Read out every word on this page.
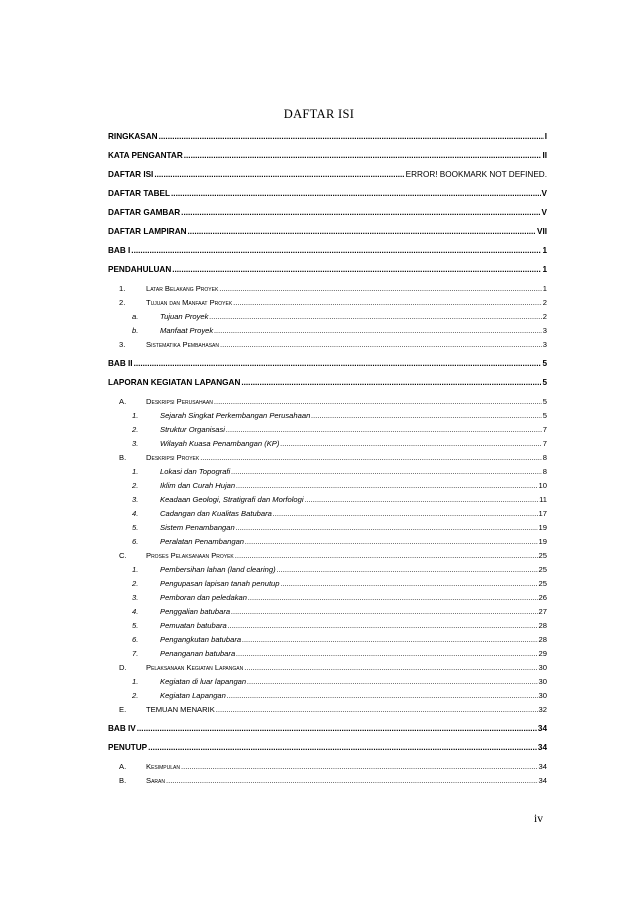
DAFTAR ISI
RINGKASAN .....	I
KATA PENGANTAR .....	II
DAFTAR ISI .....	ERROR! BOOKMARK NOT DEFINED.
DAFTAR TABEL .....	V
DAFTAR GAMBAR .....	V
DAFTAR LAMPIRAN .....	VII
BAB I .....	1
PENDAHULUAN .....	1
1.	Latar Belakang Proyek .....	1
2.	Tujuan dan Manfaat Proyek .....	2
a.	Tujuan Proyek .....	2
b.	Manfaat Proyek .....	3
3.	Sistematika Pembahasan .....	3
BAB II .....	5
LAPORAN KEGIATAN LAPANGAN .....	5
A.	Deskripsi Perusahaan .....	5
1.	Sejarah Singkat Perkembangan Perusahaan .....	5
2.	Struktur Organisasi .....	7
3.	Wilayah Kuasa Penambangan (KP) .....	7
B.	Deskripsi Proyek .....	8
1.	Lokasi dan Topografi .....	8
2.	Iklim dan Curah Hujan .....	10
3.	Keadaan Geologi, Stratigrafi dan Morfologi .....	11
4.	Cadangan dan Kualitas Batubara .....	17
5.	Sistem Penambangan .....	19
6.	Peralatan Penambangan .....	19
C.	Proses Pelaksanaan Proyek .....	25
1.	Pembersihan lahan (land clearing) .....	25
2.	Pengupasan lapisan tanah penutup .....	25
3.	Pemboran dan peledakan .....	26
4.	Penggalian batubara .....	27
5.	Pemuatan batubara .....	28
6.	Pengangkutan batubara .....	28
7.	Penanganan batubara .....	29
D.	Pelaksanaan Kegiatan Lapangan .....	30
1.	Kegiatan di luar lapangan .....	30
2.	Kegiatan Lapangan .....	30
E.	TEMUAN MENARIK .....	32
BAB IV .....	34
PENUTUP .....	34
A.	Kesimpulan .....	34
B.	Saran .....	34
iv
